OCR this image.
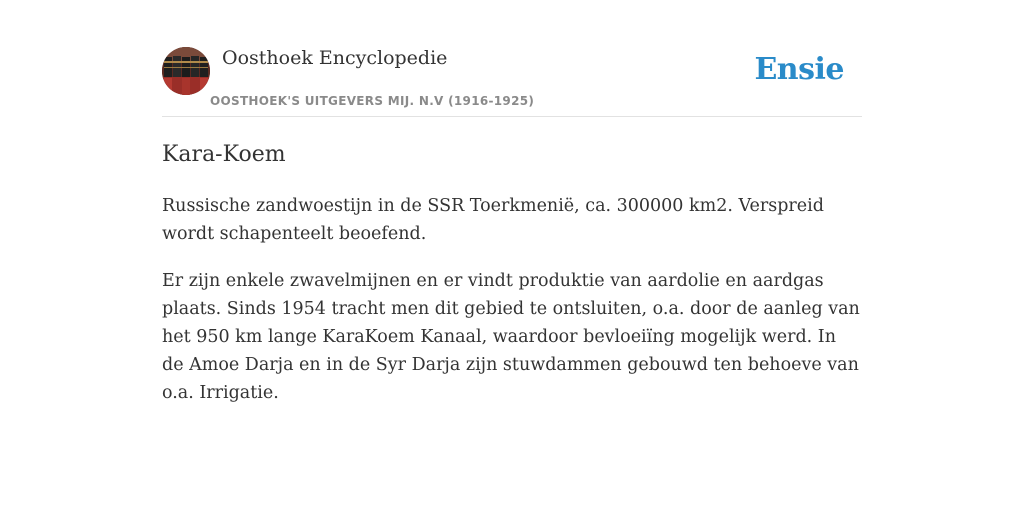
Oosthoek Encyclopedie
OOSTHOEK'S UITGEVERS MIJ. N.V (1916-1925)
Ensie
Kara-Koem

Russische zandwoestijn in de SSR Toerkmenië, ca. 300000 km2. Verspreid wordt schapenteelt beoefend.

Er zijn enkele zwavelmijnen en er vindt produktie van aardolie en aardgas plaats. Sinds 1954 tracht men dit gebied te ontsluiten, o.a. door de aanleg van het 950 km lange KaraKoem Kanaal, waardoor bevloeiïng mogelijk werd. In de Amoe Darja en in de Syr Darja zijn stuwdammen gebouwd ten behoeve van o.a. Irrigatie.
